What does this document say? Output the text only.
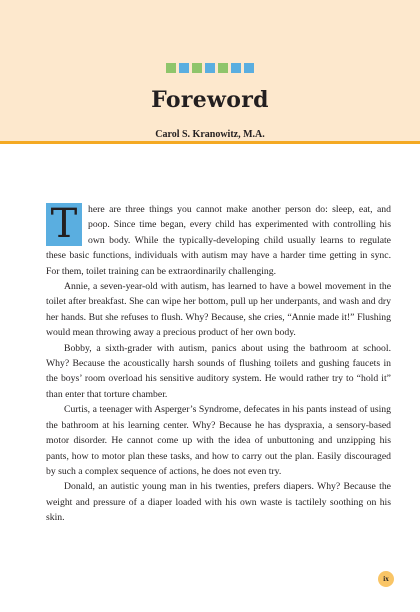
Foreword
Carol S. Kranowitz, M.A.

T	here are three things you cannot make another person do: sleep, eat, and poop. Since time began, every child has experimented with controlling his own body. While the typically-developing child usually learns to regulate these basic functions, individuals with autism may have a harder time getting in sync. For them, toilet training can be extraordinarily challenging.

Annie, a seven-year-old with autism, has learned to have a bowel movement in the toilet after breakfast. She can wipe her bottom, pull up her underpants, and wash and dry her hands. But she refuses to flush. Why? Because, she cries, “Annie made it!” Flushing would mean throwing away a precious product of her own body.

Bobby, a sixth-grader with autism, panics about using the bathroom at school. Why? Because the acoustically harsh sounds of flushing toilets and gushing faucets in the boys’ room overload his sensitive auditory system. He would rather try to “hold it” than enter that torture chamber.

Curtis, a teenager with Asperger’s Syndrome, defecates in his pants instead of using the bathroom at his learning center. Why? Because he has dyspraxia, a sensory-based motor disorder. He cannot come up with the idea of unbuttoning and unzipping his pants, how to motor plan these tasks, and how to carry out the plan. Easily discouraged by such a complex sequence of actions, he does not even try.

Donald, an autistic young man in his twenties, prefers diapers. Why? Because the weight and pressure of a diaper loaded with his own waste is tactilely soothing on his skin.

ix
